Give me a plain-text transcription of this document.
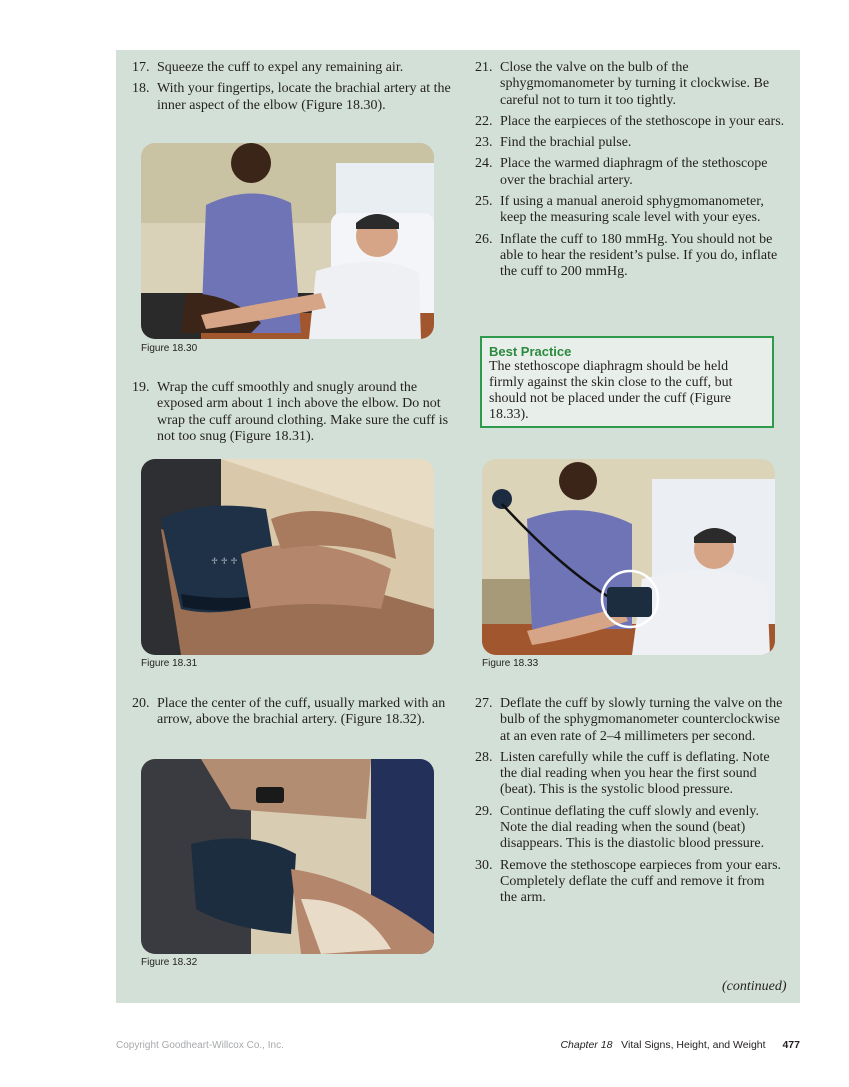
17. Squeeze the cuff to expel any remaining air.
18. With your fingertips, locate the brachial artery at the inner aspect of the elbow (Figure 18.30).
Figure 18.30
19. Wrap the cuff smoothly and snugly around the exposed arm about 1 inch above the elbow. Do not wrap the cuff around clothing. Make sure the cuff is not too snug (Figure 18.31).
♱ ♱ ♱
Figure 18.31
20. Place the center of the cuff, usually marked with an arrow, above the brachial artery. (Figure 18.32).
Figure 18.32
21. Close the valve on the bulb of the sphygmomanometer by turning it clockwise. Be careful not to turn it too tightly.
22. Place the earpieces of the stethoscope in your ears.
23. Find the brachial pulse.
24. Place the warmed diaphragm of the stethoscope over the brachial artery.
25. If using a manual aneroid sphygmomanometer, keep the measuring scale level with your eyes.
26. Inflate the cuff to 180 mmHg. You should not be able to hear the resident’s pulse. If you do, inflate the cuff to 200 mmHg.
Best Practice
The stethoscope diaphragm should be held firmly against the skin close to the cuff, but should not be placed under the cuff (Figure 18.33).
Figure 18.33
27. Deflate the cuff by slowly turning the valve on the bulb of the sphygmomanometer counterclockwise at an even rate of 2–4 millimeters per second.
28. Listen carefully while the cuff is deflating. Note the dial reading when you hear the first sound (beat). This is the systolic blood pressure.
29. Continue deflating the cuff slowly and evenly. Note the dial reading when the sound (beat) disappears. This is the diastolic blood pressure.
30. Remove the stethoscope earpieces from your ears. Completely deflate the cuff and remove it from the arm.
(continued)
Copyright Goodheart-Willcox Co., Inc.	Chapter 18 Vital Signs, Height, and Weight 477
